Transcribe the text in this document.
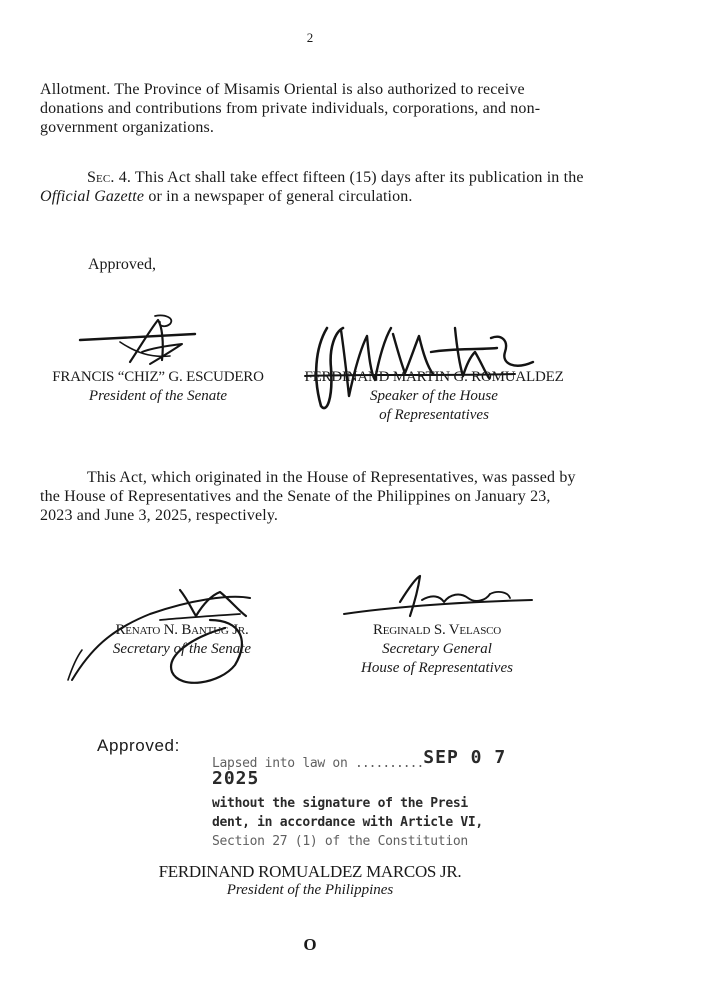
2
Allotment. The Province of Misamis Oriental is also authorized to receive donations and contributions from private individuals, corporations, and non-government organizations.
Sec. 4. This Act shall take effect fifteen (15) days after its publication in the Official Gazette or in a newspaper of general circulation.
Approved,
FRANCIS “CHIZ” G. ESCUDERO
President of the Senate
FERDINAND MARTIN G. ROMUALDEZ
Speaker of the House
of Representatives
This Act, which originated in the House of Representatives, was passed by the House of Representatives and the Senate of the Philippines on January 23, 2023 and June 3, 2025, respectively.
Renato N. Bantug Jr.
Secretary of the Senate
Reginald S. Velasco
Secretary General
House of Representatives
Approved:
Lapsed into law on ..........SEP 0 7 2025
without the signature of the Presi
dent, in accordance with Article VI,
Section 27 (1) of the Constitution
FERDINAND ROMUALDEZ MARCOS JR.
President of the Philippines
O
